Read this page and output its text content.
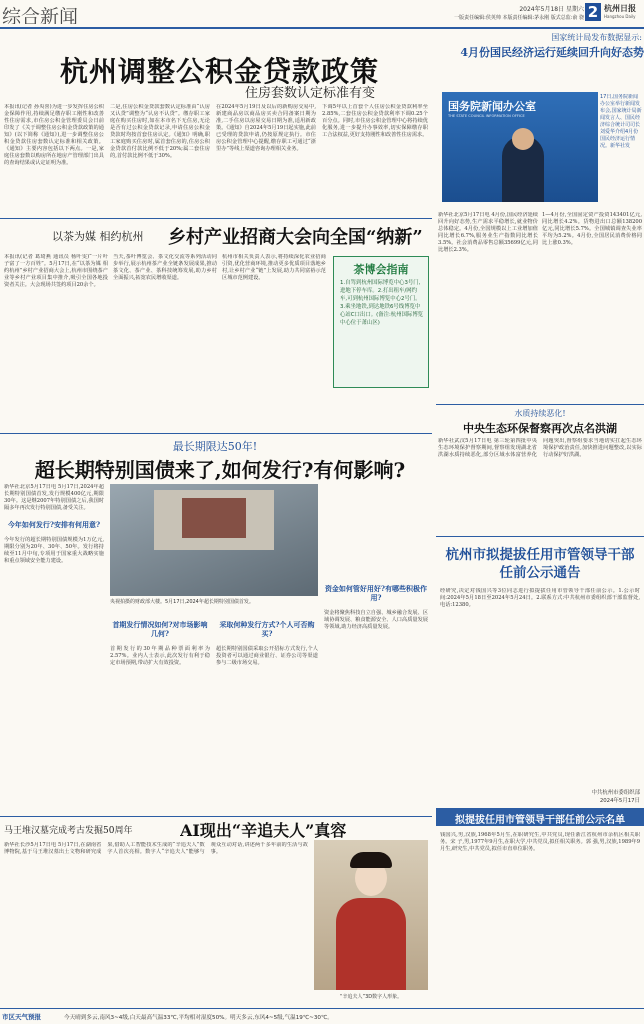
综合新闻	2024年5月18日 星期六
一版责任编辑:侯英帅 本版责任编辑:茅永刚 版式总监:俞 骁 2 杭州日报
Hangzhou Daily
杭州调整公积金贷款政策
住房套数认定标准有变
本报讯(记者 孙央喜)为进一步发挥住房公积金保障作用,持续满足缴存职工刚性和改善性住房需求,市住房公积金管理委员会日前印发了《关于调整住房公积金贷款政策的通知》(以下简称《通知》),进一步调整住房公积金贷款住房套数认定标准和相关政策。《通知》主要内容包括以下两点。一是,家庭住房套数以购房所在地房产管理部门出具的查询结果或认定证明为准。
二是,住房公积金贷款套数认定标准由“认房又认贷”调整为“认房不认贷”。缴存职工家庭在购买住房时,如在本市名下无住房,无论是否有过公积金贷款记录,申请住房公积金贷款时均按首套住房认定。《通知》明确,职工家庭购买住房时,属首套住房的,住房公积金贷款首付款比例不低于20%;属二套住房的,首付款比例不低于30%。
在2024年5月19日及以后的新购房交易中,新建商品房以商品房买卖合同备案日期为准,二手住房以房屋交易日期为准,适用新政策。《通知》自2024年5月19日起实施,此前已受理的贷款申请,仍按原规定执行。市住房公积金管理中心提醒,缴存职工可通过“浙里办”等线上渠道咨询办理相关业务。
下调5年以上首套个人住房公积金贷款利率至2.85%,二套住房公积金贷款利率下调0.25个百分点。同时,市住房公积金管理中心将持续优化服务,进一步提升办事效率,切实保障缴存职工合法权益,更好支持刚性和改善性住房需求。
以茶为媒 相约杭州	乡村产业招商大会向全国“纳新”
本报讯(记者 葛琦燕 通讯员 杨叶雯)“一片叶子富了一方百姓”。5月17日,在“以茶为媒 相约杭州”乡村产业招商大会上,杭州市围绕茶产业等乡村产业项目集中推介,吸引全国各地投资者关注。大会现场共签约项目20余个。
当天,茶叶博览会、茶文化交流等系列活动同步举行,展示杭州茶产业全链条发展成果,推动茶文化、茶产业、茶科技统筹发展,助力乡村全面振兴,拓宽农民增收渠道。
杭州市相关负责人表示,将持续深化农业招商引资,优化营商环境,推动更多优质项目落地乡村,让乡村产业“链”上发展,助力共同富裕示范区城市范例建设。
茶博会指南
1.自驾到杭州国际博览中心3号门,进地下停车库。2.打出租车/网约车,可到杭州国际博览中心2号门。3.乘坐地铁,到达地铁6号线博览中心站C口出口。(备注:杭州国际博览中心位于萧山区)
国家统计局发布数据显示:
4月份国民经济运行延续回升向好态势
国务院新闻办公室
THE STATE COUNCIL INFORMATION OFFICE
17日,国务院新闻办公室举行新闻发布会,国家统计局新闻发言人、国民经济综合统计司司长刘爱华介绍4月份国民经济运行情况。新华社发
新华社北京5月17日电 4月份,国民经济延续回升向好态势,生产需求平稳增长,就业物价总体稳定。4月份,全国规模以上工业增加值同比增长6.7%,服务业生产指数同比增长3.5%。社会消费品零售总额35699亿元,同比增长2.3%。
1—4月份,全国固定资产投资143401亿元,同比增长4.2%。货物进出口总额138200亿元,同比增长5.7%。全国城镇调查失业率平均为5.2%。4月份,全国居民消费价格同比上涨0.3%。
水质持续恶化!
中央生态环保督察再次点名洪湖
新华社武汉5月17日电 第三轮第四批中央生态环境保护督察期间,督察组发现湖北省洪湖水质持续恶化,部分区域水体富营养化问题突出,督察组要求当地切实扛起生态环境保护政治责任,加快推进问题整改,以实际行动保护好洪湖。
杭州市拟提拔任用市管领导干部任前公示通告
经研究,决定对钱国兴等3位同志进行拟提拔任用市管领导干部任前公示。1.公示时间:2024年5月18日至2024年5月24日。2.联系方式:中共杭州市委组织部干部监督处,电话:12380。
中共杭州市委组织部
2024年5月17日
拟提拔任用市管领导干部任前公示名单
钱国兴,男,汉族,1968年5月生,在职研究生,中共党员,现任浙江省杭州市余杭区相关职务。宋 子,男,1977年9月生,在职大学,中共党员,拟任相关职务。郭 强,男,汉族,1989年9月生,研究生,中共党员,拟任市直单位职务。
最长期限达50年!
超长期特别国债来了,如何发行?有何影响?
新华社北京5月17日电 5月17日,2024年超长期特别国债首发,发行规模400亿元,期限30年。这是继2007年特别国债之后,我国时隔多年再次发行特别国债,备受关注。
今年如何发行?安排有何用意?
今年发行的超长期特别国债规模为1万亿元,期限分别为20年、30年、50年。发行将持续至11月中旬,专项用于国家重大战略实施和重点领域安全能力建设。
央视拍摄的财政部大楼。5月17日,2024年超长期特别国债首发。
首期发行情况如何?对市场影响几何?
首期发行的30年期品种票面利率为2.57%。业内人士表示,此次发行有利于稳定市场预期,带动扩大有效投资。
采取何种发行方式?个人可否购买?
超长期特别国债采取公开招标方式发行,个人投资者可以通过商业银行、证券公司等渠道参与二级市场交易。
资金如何管好用好?有哪些积极作用?
资金将聚焦科技自立自强、城乡融合发展、区域协调发展、粮食能源安全、人口高质量发展等领域,助力经济高质量发展。
马王堆汉墓完成考古发掘50周年	AI现出“辛追夫人”真容
新华社长沙5月17日电 5月17日,在湖南省博物院,基于马王堆汉墓出土文物和研究成果,借助人工智能技术生成的“辛追夫人”数字人首次亮相。数字人“辛追夫人”能够与观众互动对话,讲述两千多年前的生活与故事。
“辛追夫人”3D数字人形象。
市区天气预报	今天晴到多云,南风3~4级,白天最高气温33℃,平均相对湿度50%。明天多云,东风4~5级,气温19℃~30℃。
